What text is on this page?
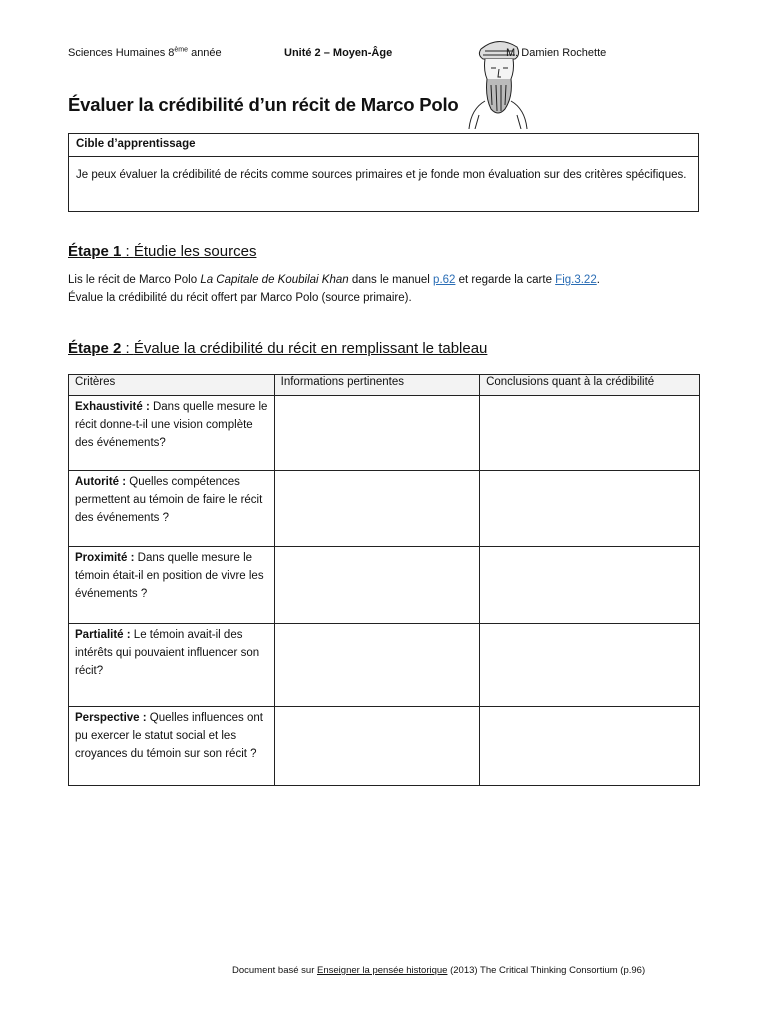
Sciences Humaines 8ème année	Unité 2 – Moyen-Âge	M. Damien Rochette
Évaluer la crédibilité d’un récit de Marco Polo
Cible d’apprentissage
Je peux évaluer la crédibilité de récits comme sources primaires et je fonde mon évaluation sur des critères spécifiques.
Étape 1 : Étudie les sources
Lis le récit de Marco Polo La Capitale de Koubilai Khan dans le manuel p.62 et regarde la carte Fig.3.22.
Évalue la crédibilité du récit offert par Marco Polo (source primaire).
Étape 2 : Évalue la crédibilité du récit en remplissant le tableau
Critères	Informations pertinentes	Conclusions quant à la crédibilité
Exhaustivité : Dans quelle mesure le récit donne-t-il une vision complète des événements?		
Autorité : Quelles compétences permettent au témoin de faire le récit des événements ?		
Proximité : Dans quelle mesure le témoin était-il en position de vivre les événements ?		
Partialité : Le témoin avait-il des intérêts qui pouvaient influencer son récit?		
Perspective : Quelles influences ont pu exercer le statut social et les croyances du témoin sur son récit ?		
Document basé sur Enseigner la pensée historique (2013) The Critical Thinking Consortium (p.96)
